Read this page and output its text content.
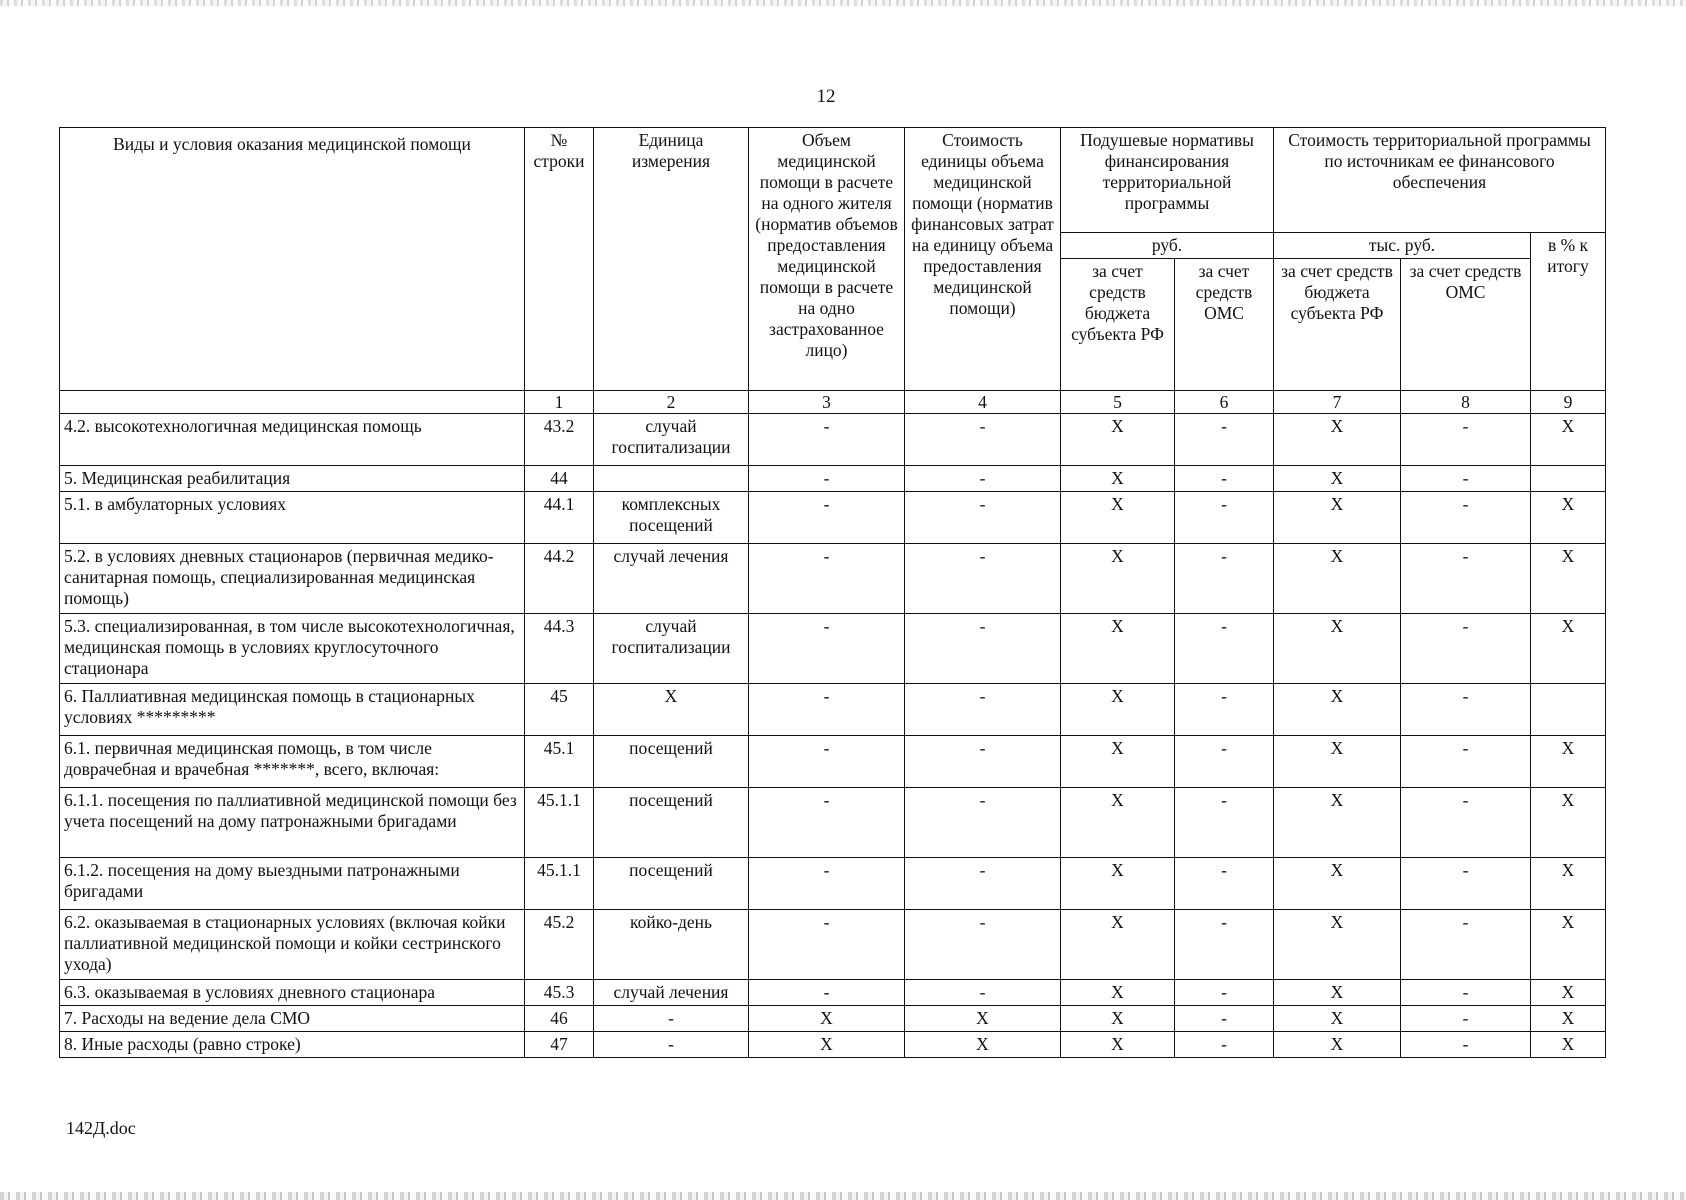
12
Виды и условия оказания медицинской помощи	№ строки	Единица измерения	Объем медицинской помощи в расчете на одного жителя (норматив объемов предоставления медицинской помощи в расчете на одно застрахованное лицо)	Стоимость единицы объема медицинской помощи (норматив финансовых затрат на единицу объема предоставления медицинской помощи)	Подушевые нормативы финансирования территориальной программы		Стоимость территориальной программы по источникам ее финансового обеспечения		
					руб.		тыс. руб.		в % к итогу
					за счет средств бюджета субъекта РФ	за счет средств ОМС	за счет средств бюджета субъекта РФ	за счет средств ОМС	
	1	2	3	4	5	6	7	8	9
4.2. высокотехнологичная медицинская помощь	43.2	случай госпитализации	-	-	X	-	X	-	X
5. Медицинская реабилитация	44		-	-	X	-	X	-	
5.1. в амбулаторных условиях	44.1	комплексных посещений	-	-	X	-	X	-	X
5.2. в условиях дневных стационаров (первичная медико-санитарная помощь, специализированная медицинская помощь)	44.2	случай лечения	-	-	X	-	X	-	X
5.3. специализированная, в том числе высокотехнологичная, медицинская помощь в условиях круглосуточного стационара	44.3	случай госпитализации	-	-	X	-	X	-	X
6. Паллиативная медицинская помощь в стационарных условиях *********	45	X	-	-	X	-	X	-	
6.1. первичная медицинская помощь, в том числе доврачебная и врачебная *******, всего, включая:	45.1	посещений	-	-	X	-	X	-	X
6.1.1. посещения по паллиативной медицинской помощи без учета посещений на дому патронажными бригадами	45.1.1	посещений	-	-	X	-	X	-	X
6.1.2. посещения на дому выездными патронажными бригадами	45.1.1	посещений	-	-	X	-	X	-	X
6.2. оказываемая в стационарных условиях (включая койки паллиативной медицинской помощи и койки сестринского ухода)	45.2	койко-день	-	-	X	-	X	-	X
6.3. оказываемая в условиях дневного стационара	45.3	случай лечения	-	-	X	-	X	-	X
7. Расходы на ведение дела СМО	46	-	X	X	X	-	X	-	X
8. Иные расходы (равно строке)	47	-	X	X	X	-	X	-	X
142Д.doc
